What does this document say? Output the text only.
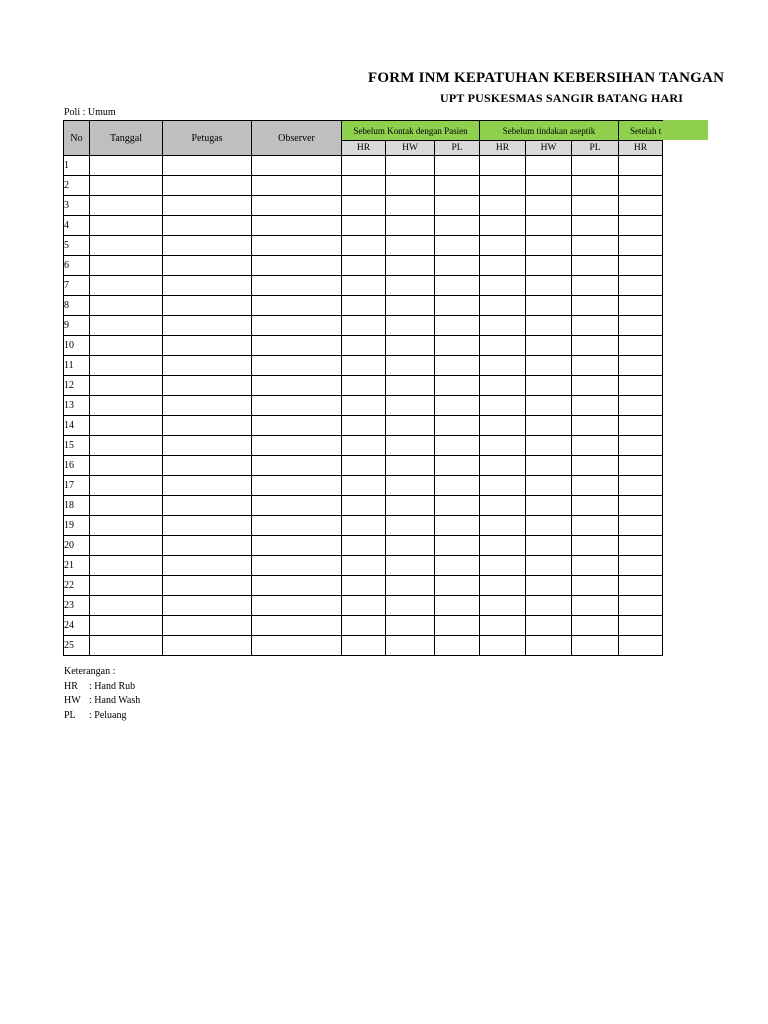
FORM INM KEPATUHAN KEBERSIHAN TANGAN
UPT PUSKESMAS SANGIR BATANG HARI
Poli : Umum
No	Tanggal	Petugas	Observer	Sebelum Kontak dengan Pasien			Sebelum tindakan aseptik			Setelah t
				HR	HW	PL	HR	HW	PL	HR
1										
2										
3										
4										
5										
6										
7										
8										
9										
10										
11										
12										
13										
14										
15										
16										
17										
18										
19										
20										
21										
22										
23										
24										
25										
Keterangan :
HR : Hand Rub
HW : Hand Wash
PL : Peluang
